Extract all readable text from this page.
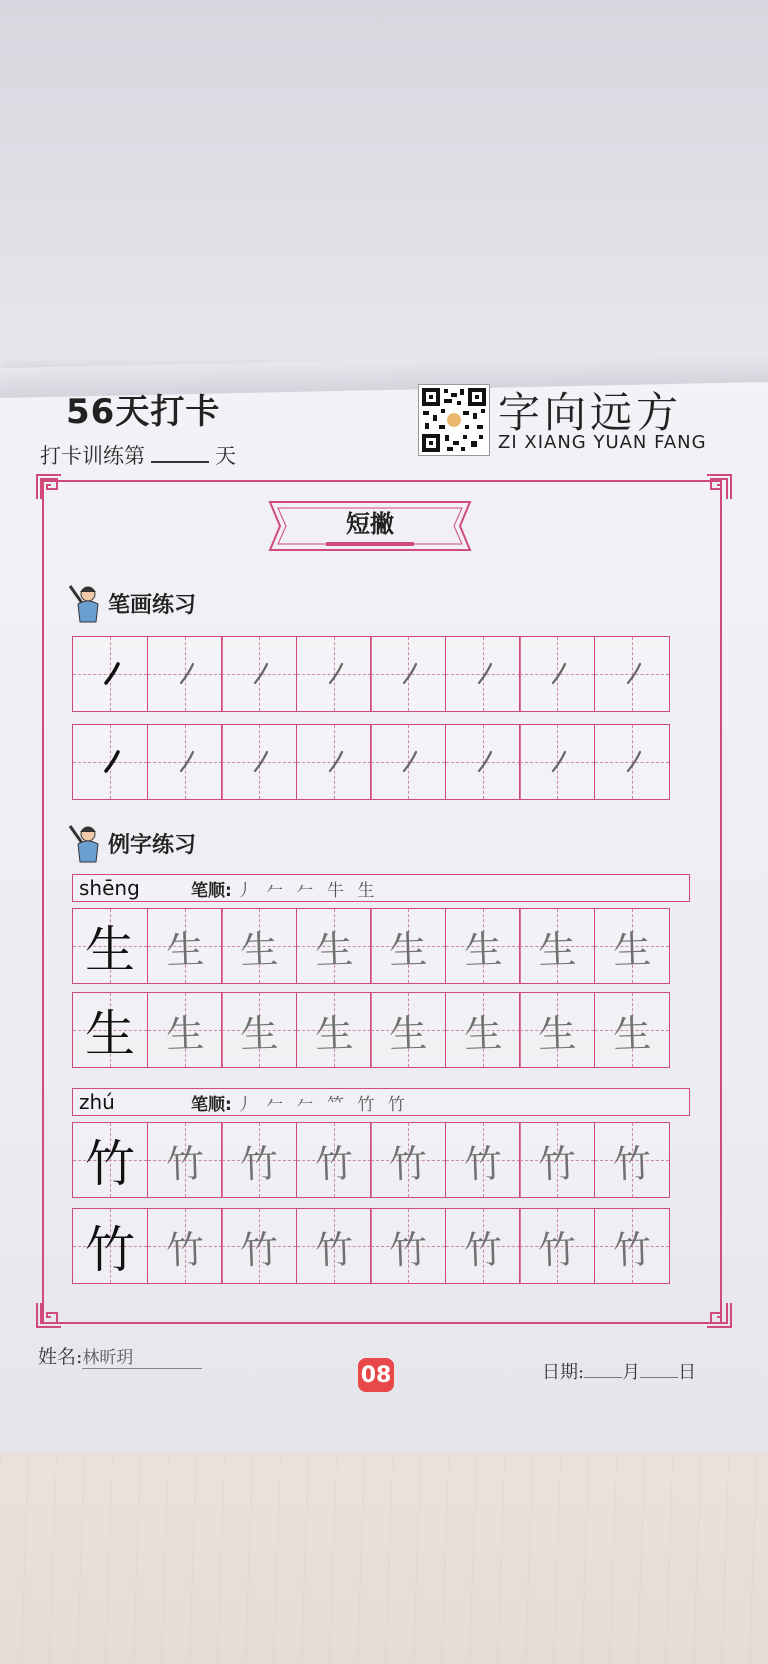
56天打卡
打卡训练第	天
字向远方
ZI XIANG YUAN FANG
短撇
笔画练习
例字练习
shēng	笔顺: 丿 𠂉 𠂉 牛 生
生 生 生 生 生 生 生 生
生 生 生 生 生 生 生 生
zhú	笔顺: 丿 𠂉 𠂉 𥫗 竹 竹
竹 竹 竹 竹 竹 竹 竹 竹
竹 竹 竹 竹 竹 竹 竹 竹
姓名:林昕玥
08	日期: 月 日
